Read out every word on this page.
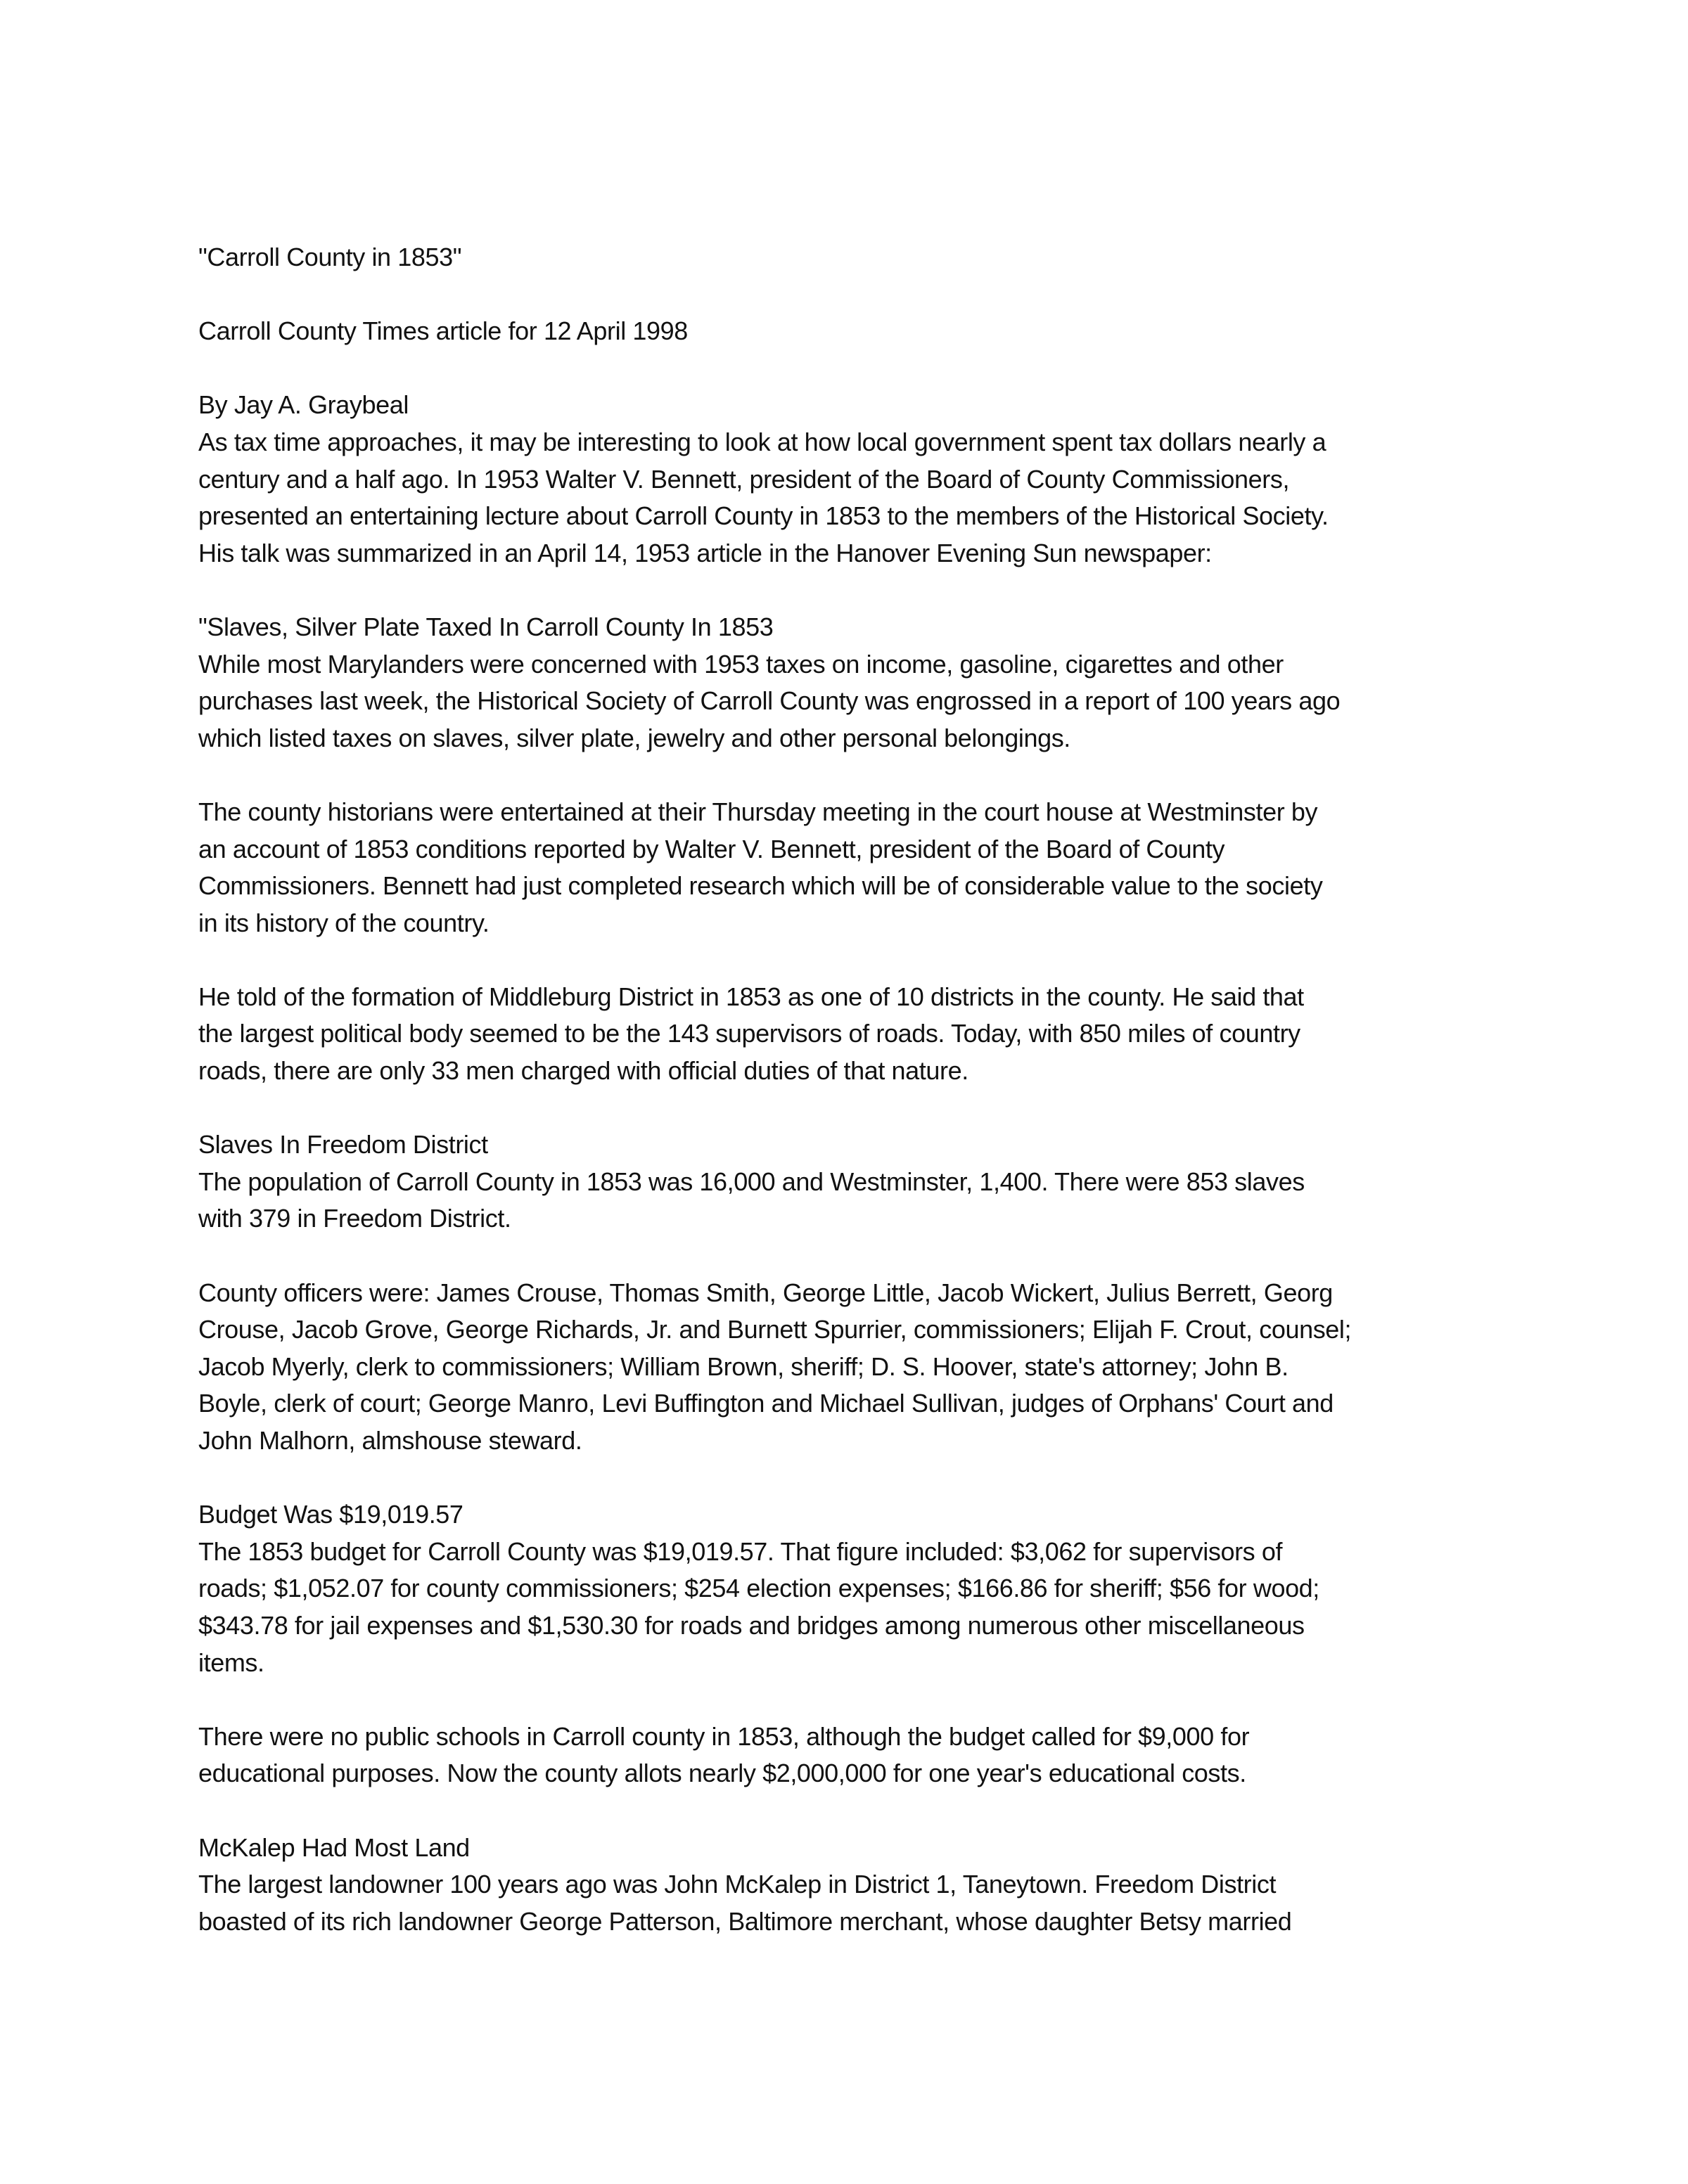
"Carroll County in 1853"
Carroll County Times article for 12 April 1998
By Jay A. Graybeal
As tax time approaches, it may be interesting to look at how local government spent tax dollars nearly a
century and a half ago. In 1953 Walter V. Bennett, president of the Board of County Commissioners,
presented an entertaining lecture about Carroll County in 1853 to the members of the Historical Society.
His talk was summarized in an April 14, 1953 article in the Hanover Evening Sun newspaper:
"Slaves, Silver Plate Taxed In Carroll County In 1853
While most Marylanders were concerned with 1953 taxes on income, gasoline, cigarettes and other
purchases last week, the Historical Society of Carroll County was engrossed in a report of 100 years ago
which listed taxes on slaves, silver plate, jewelry and other personal belongings.
The county historians were entertained at their Thursday meeting in the court house at Westminster by
an account of 1853 conditions reported by Walter V. Bennett, president of the Board of County
Commissioners. Bennett had just completed research which will be of considerable value to the society
in its history of the country.
He told of the formation of Middleburg District in 1853 as one of 10 districts in the county. He said that
the largest political body seemed to be the 143 supervisors of roads. Today, with 850 miles of country
roads, there are only 33 men charged with official duties of that nature.
Slaves In Freedom District
The population of Carroll County in 1853 was 16,000 and Westminster, 1,400. There were 853 slaves
with 379 in Freedom District.
County officers were: James Crouse, Thomas Smith, George Little, Jacob Wickert, Julius Berrett, Georg
Crouse, Jacob Grove, George Richards, Jr. and Burnett Spurrier, commissioners; Elijah F. Crout, counsel;
Jacob Myerly, clerk to commissioners; William Brown, sheriff; D. S. Hoover, state's attorney; John B.
Boyle, clerk of court; George Manro, Levi Buffington and Michael Sullivan, judges of Orphans' Court and
John Malhorn, almshouse steward.
Budget Was $19,019.57
The 1853 budget for Carroll County was $19,019.57. That figure included: $3,062 for supervisors of
roads; $1,052.07 for county commissioners; $254 election expenses; $166.86 for sheriff; $56 for wood;
$343.78 for jail expenses and $1,530.30 for roads and bridges among numerous other miscellaneous
items.
There were no public schools in Carroll county in 1853, although the budget called for $9,000 for
educational purposes. Now the county allots nearly $2,000,000 for one year's educational costs.
McKalep Had Most Land
The largest landowner 100 years ago was John McKalep in District 1, Taneytown. Freedom District
boasted of its rich landowner George Patterson, Baltimore merchant, whose daughter Betsy married
